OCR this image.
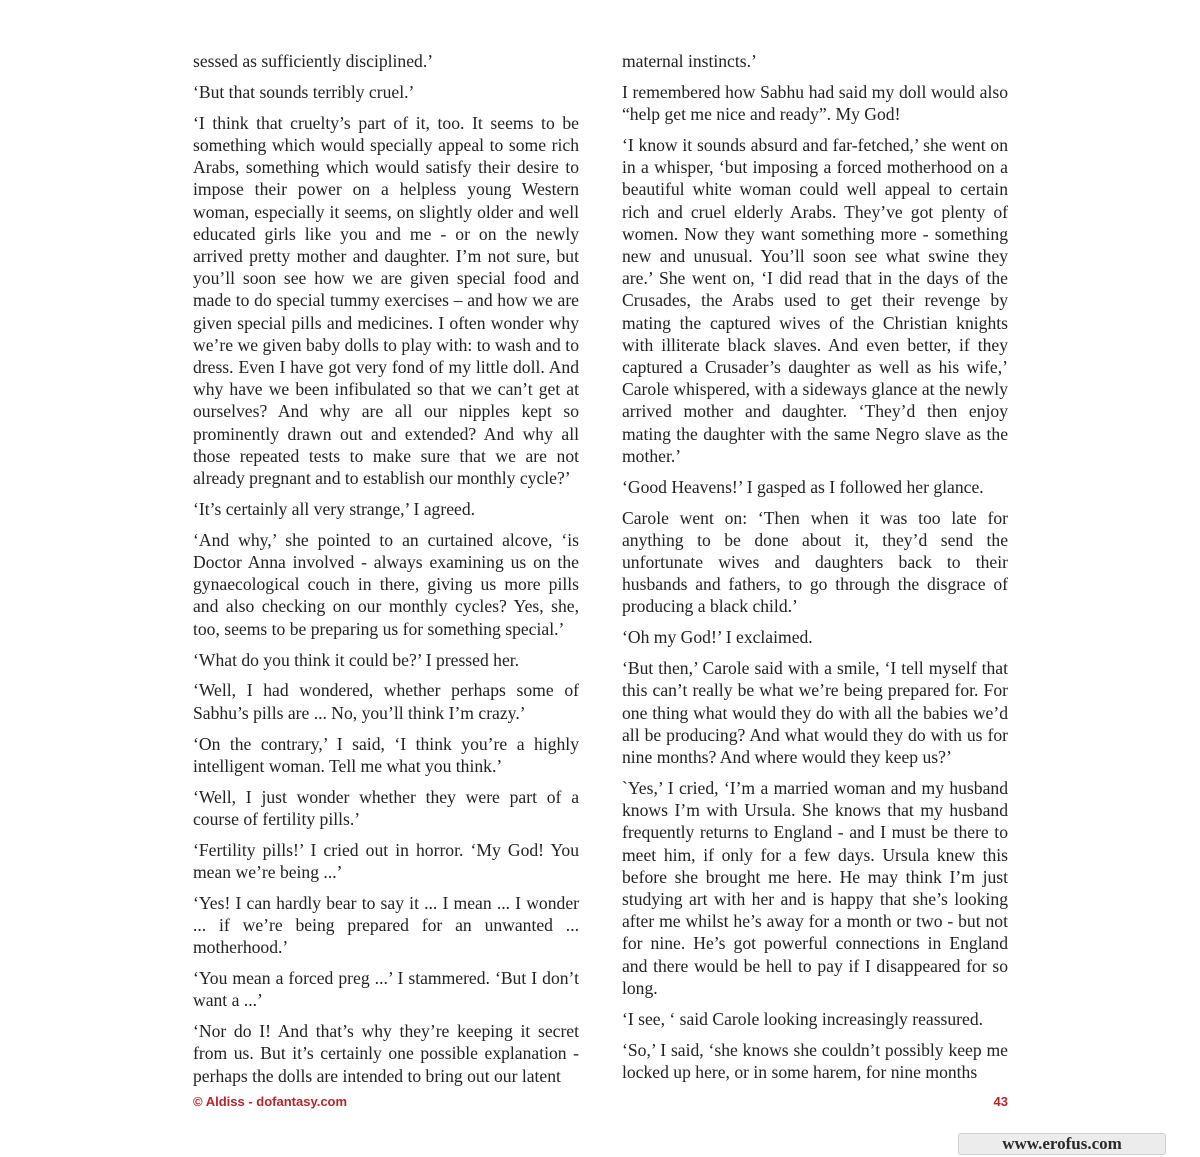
sessed as sufficiently disciplined.’

‘But that sounds terribly cruel.’

‘I think that cruelty’s part of it, too. It seems to be something which would specially appeal to some rich Arabs, something which would satisfy their desire to impose their power on a helpless young Western woman, especially it seems, on slightly older and well educated girls like you and me - or on the newly arrived pretty mother and daughter. I’m not sure, but you’ll soon see how we are given special food and made to do special tummy exercises – and how we are given special pills and medicines. I often wonder why we’re we given baby dolls to play with: to wash and to dress. Even I have got very fond of my little doll. And why have we been infibulated so that we can’t get at ourselves? And why are all our nipples kept so prominently drawn out and extended? And why all those repeated tests to make sure that we are not already pregnant and to establish our monthly cycle?’

‘It’s certainly all very strange,’ I agreed.

‘And why,’ she pointed to an curtained alcove, ‘is Doctor Anna involved - always examining us on the gynaecological couch in there, giving us more pills and also checking on our monthly cycles? Yes, she, too, seems to be preparing us for something special.’

‘What do you think it could be?’ I pressed her.

‘Well, I had wondered, whether perhaps some of Sabhu’s pills are ... No, you’ll think I’m crazy.’

‘On the contrary,’ I said, ‘I think you’re a highly intelligent woman. Tell me what you think.’

‘Well, I just wonder whether they were part of a course of fertility pills.’

‘Fertility pills!’ I cried out in horror. ‘My God! You mean we’re being ...’

‘Yes! I can hardly bear to say it ... I mean ... I wonder ... if we’re being prepared for an unwanted ... motherhood.’

‘You mean a forced preg ...’ I stammered. ‘But I don’t want a ...’

‘Nor do I! And that’s why they’re keeping it secret from us. But it’s certainly one possible explanation - perhaps the dolls are intended to bring out our latent

maternal instincts.’

I remembered how Sabhu had said my doll would also “help get me nice and ready”. My God!

‘I know it sounds absurd and far-fetched,’ she went on in a whisper, ‘but imposing a forced motherhood on a beautiful white woman could well appeal to certain rich and cruel elderly Arabs. They’ve got plenty of women. Now they want something more - something new and unusual. You’ll soon see what swine they are.’ She went on, ‘I did read that in the days of the Crusades, the Arabs used to get their revenge by mating the captured wives of the Christian knights with illiterate black slaves. And even better, if they captured a Crusader’s daughter as well as his wife,’ Carole whispered, with a sideways glance at the newly arrived mother and daughter. ‘They’d then enjoy mating the daughter with the same Negro slave as the mother.’

‘Good Heavens!’ I gasped as I followed her glance.

Carole went on: ‘Then when it was too late for anything to be done about it, they’d send the unfortunate wives and daughters back to their husbands and fathers, to go through the disgrace of producing a black child.’

‘Oh my God!’ I exclaimed.

‘But then,’ Carole said with a smile, ‘I tell myself that this can’t really be what we’re being prepared for. For one thing what would they do with all the babies we’d all be producing? And what would they do with us for nine months? And where would they keep us?’

`Yes,’ I cried, ‘I’m a married woman and my husband knows I’m with Ursula. She knows that my husband frequently returns to England - and I must be there to meet him, if only for a few days. Ursula knew this before she brought me here. He may think I’m just studying art with her and is happy that she’s looking after me whilst he’s away for a month or two - but not for nine. He’s got powerful connections in England and there would be hell to pay if I disappeared for so long.

‘I see, ‘ said Carole looking increasingly reassured.

‘So,’ I said, ‘she knows she couldn’t possibly keep me locked up here, or in some harem, for nine months

© Aldiss - dofantasy.com	43
www.erofus.com
